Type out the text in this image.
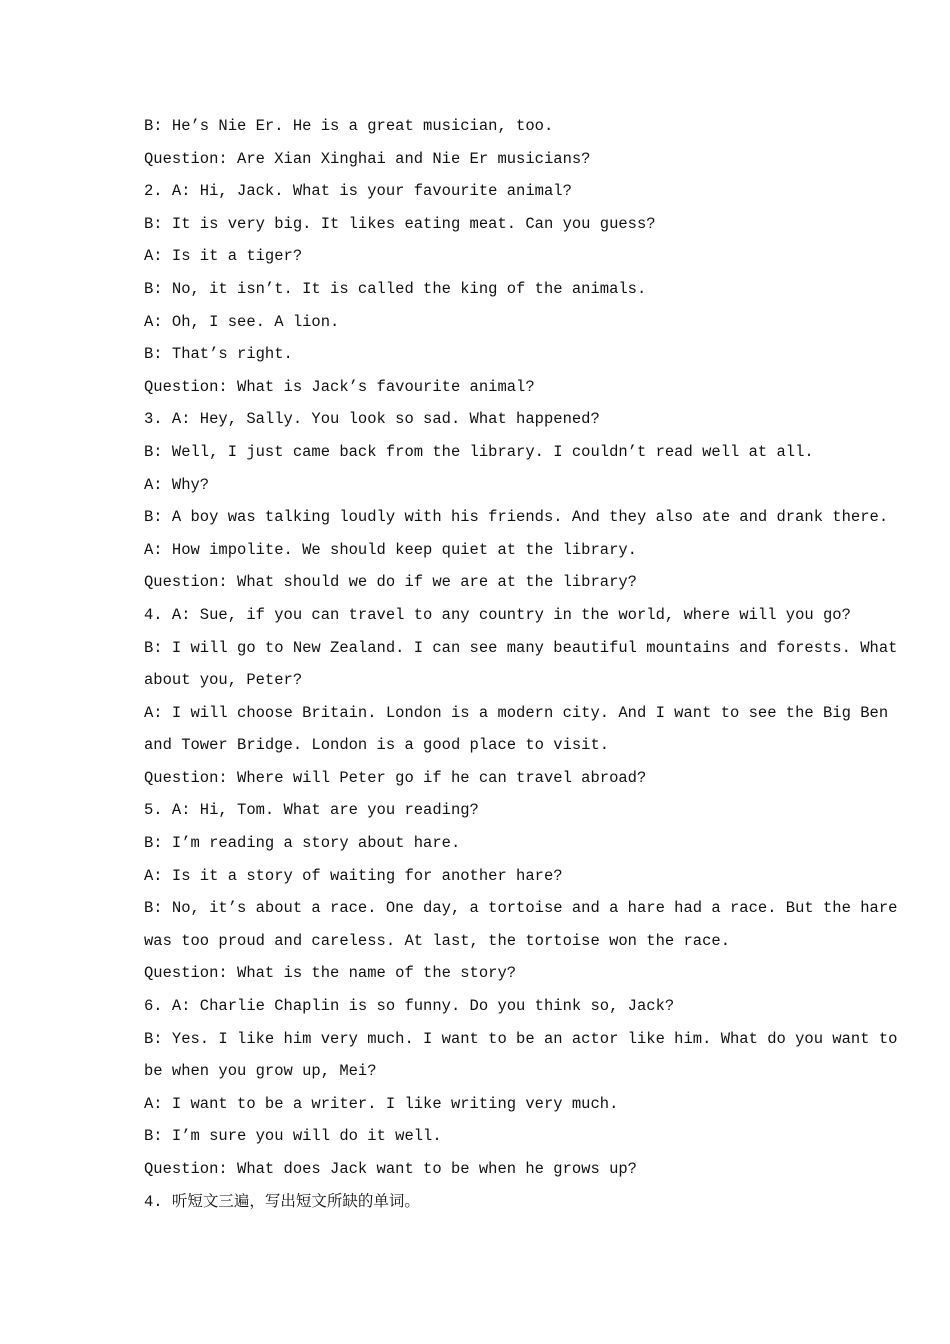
B: He’s Nie Er. He is a great musician, too.
Question: Are Xian Xinghai and Nie Er musicians?
2. A: Hi, Jack. What is your favourite animal?
B: It is very big. It likes eating meat. Can you guess?
A: Is it a tiger?
B: No, it isn’t. It is called the king of the animals.
A: Oh, I see. A lion.
B: That’s right.
Question: What is Jack’s favourite animal?
3. A: Hey, Sally. You look so sad. What happened?
B: Well, I just came back from the library. I couldn’t read well at all.
A: Why?
B: A boy was talking loudly with his friends. And they also ate and drank there.
A: How impolite. We should keep quiet at the library.
Question: What should we do if we are at the library?
4. A: Sue, if you can travel to any country in the world, where will you go?
B: I will go to New Zealand. I can see many beautiful mountains and forests. What
about you, Peter?
A: I will choose Britain. London is a modern city. And I want to see the Big Ben
and Tower Bridge. London is a good place to visit.
Question: Where will Peter go if he can travel abroad?
5. A: Hi, Tom. What are you reading?
B: I’m reading a story about hare.
A: Is it a story of waiting for another hare?
B: No, it’s about a race. One day, a tortoise and a hare had a race. But the hare
was too proud and careless. At last, the tortoise won the race.
Question: What is the name of the story?
6. A: Charlie Chaplin is so funny. Do you think so, Jack?
B: Yes. I like him very much. I want to be an actor like him. What do you want to
be when you grow up, Mei?
A: I want to be a writer. I like writing very much.
B: I’m sure you will do it well.
Question: What does Jack want to be when he grows up?
4. 听短文三遍，写出短文所缺的单词。
